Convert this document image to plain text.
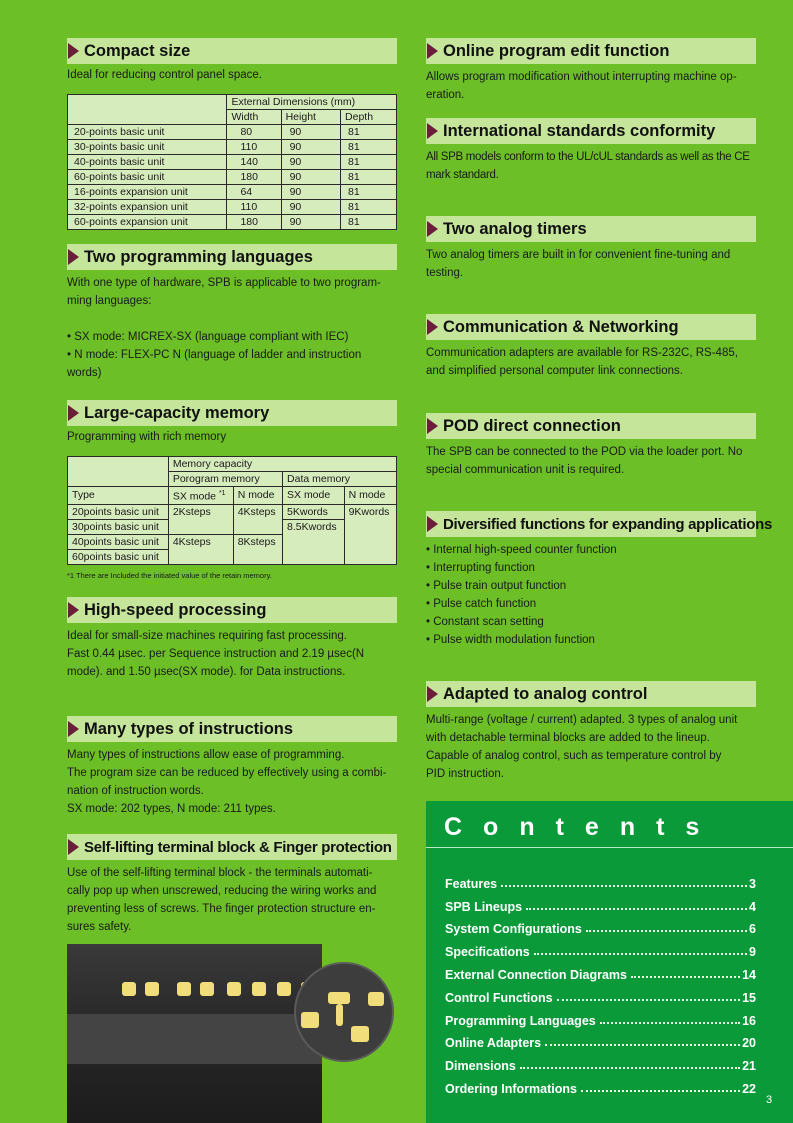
Compact size
Ideal for reducing control panel space.
	External Dimensions (mm)		
	Width	Height	Depth
20-points basic unit	80	90	81
30-points basic unit	110	90	81
40-points basic unit	140	90	81
60-points basic unit	180	90	81
16-points expansion unit	64	90	81
32-points expansion unit	110	90	81
60-points expansion unit	180	90	81
Two programming languages

With one type of hardware, SPB is applicable to two program-

ming languages:

• SX mode: MICREX-SX (language compliant with IEC)

• N mode: FLEX-PC N (language of ladder and instruction words)

Large-capacity memory
Programming with rich memory
	Memory capacity			
	Porogram memory		Data memory	
Type	SX mode $^{*1}$	N mode	SX mode	N mode
20points basic unit	2Ksteps	4Ksteps	5Kwords	9Kwords
30points basic unit			8.5Kwords	
40points basic unit	4Ksteps	8Ksteps		
60points basic unit				
*1 There are Included the initiated value of the retain memory.
High-speed processing

Ideal for small-size machines requiring fast processing.

Fast 0.44 µsec. per Sequence instruction and 2.19 µsec(N

mode). and 1.50 µsec(SX mode). for Data instructions.

Many types of instructions

Many types of instructions allow ease of programming.

The program size can be reduced by effectively using a combi-

nation of instruction words.

SX mode: 202 types, N mode: 211 types.

Self-lifting terminal block & Finger protection

Use of the self-lifting terminal block - the terminals automati-

cally pop up when unscrewed, reducing the wiring works and

preventing less of screws. The finger protection structure en-

sures safety.

Online program edit function

Allows program modification without interrupting machine op-

eration.

International standards conformity

All SPB models conform to the UL/cUL standards as well as the CE

mark standard.

Two analog timers

Two analog timers are built in for convenient fine-tuning and

testing.

Communication & Networking

Communication adapters are available for RS-232C, RS-485,

and simplified personal computer link connections.

POD direct connection

The SPB can be connected to the POD via the loader port. No

special communication unit is required.

Diversified functions for expanding applications

• Internal high-speed counter function

• Interrupting function

• Pulse train output function

• Pulse catch function

• Constant scan setting

• Pulse width modulation function

Adapted to analog control

Multi-range (voltage / current) adapted. 3 types of analog unit

with detachable terminal blocks are added to the lineup.

Capable of analog control, such as temperature control by

PID instruction.

Contents
Features	3
SPB Lineups	4
System Configurations	6
Specifications	9
External Connection Diagrams	14
Control Functions	15
Programming Languages	16
Online Adapters	20
Dimensions	21
Ordering Informations	22
3
